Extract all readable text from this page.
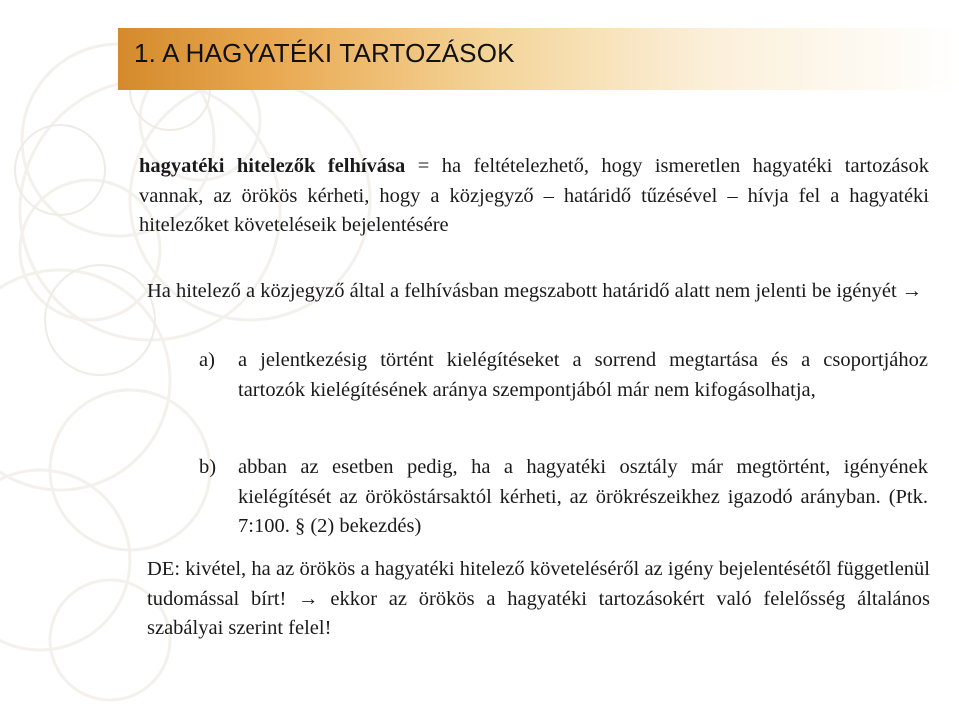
1. A HAGYATÉKI TARTOZÁSOK

hagyatéki hitelezők felhívása = ha feltételezhető, hogy ismeretlen hagyatéki tartozások vannak, az örökös kérheti, hogy a közjegyző – határidő tűzésével – hívja fel a hagyatéki hitelezőket követeléseik bejelentésére

Ha hitelező a közjegyző által a felhívásban megszabott határidő alatt nem jelenti be igényét →

a) a jelentkezésig történt kielégítéseket a sorrend megtartása és a csoportjához tartozók kielégítésének aránya szempontjából már nem kifogásolhatja,

b) abban az esetben pedig, ha a hagyatéki osztály már megtörtént, igényének kielégítését az örököstársaktól kérheti, az örökrészeikhez igazodó arányban. (Ptk. 7:100. § (2) bekezdés)

DE: kivétel, ha az örökös a hagyatéki hitelező követeléséről az igény bejelentésétől függetlenül tudomással bírt! → ekkor az örökös a hagyatéki tartozásokért való felelősség általános szabályai szerint felel!
